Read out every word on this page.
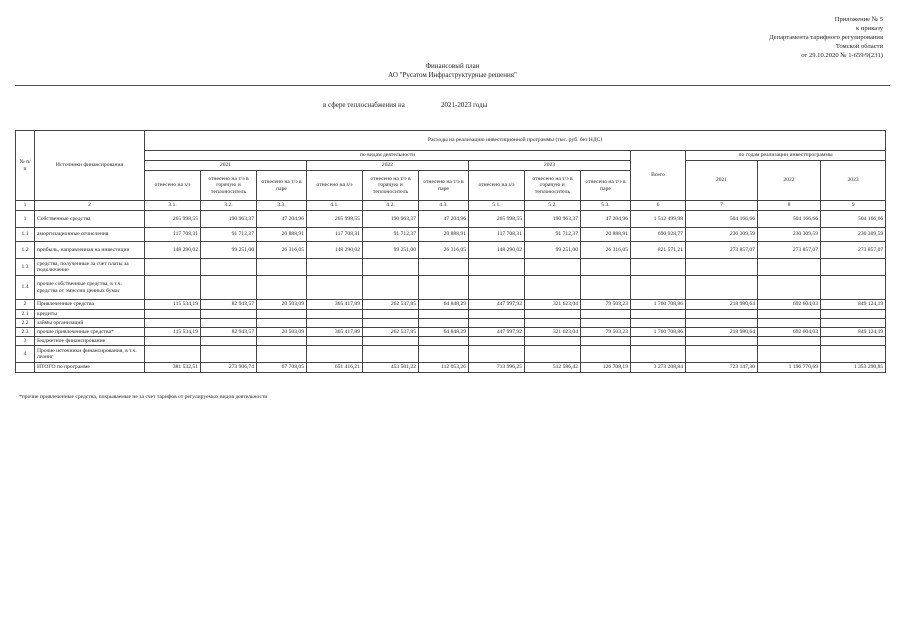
Приложение № 5
к приказу
Департамента тарифного регулирования
Томской области
от 29.10.2020 № 1-659/9(231)
Финансовый план
АО "Русатом Инфраструктурные решения"
в сфере теплоснабжения на	2021-2023 годы
№ п/п	Источники финансирования	Расходы на реализацию инвестиционной программы (тыс. руб. без НДС)												
		по видам деятельности									Всего	по годам реализации инвестпрограммы		
		2021			2022			2023				2021	2022	2023
		отнесено на з/э	отнесено на т/э в горячую и теплоноситель	отнесено на т/э в паре	отнесено на з/э	отнесено на т/э в горячую и теплоноситель	отнесено на т/э в паре	отнесено на з/э	отнесено на т/э в горячую и теплоноситель	отнесено на т/э в паре				
1	2	3.1.	3.2.	3.3.	4.1.	4.2.	4.3.	5.1.	5.2.	5.3.	6	7	8	9
1	Собственные средства	265 998,55	190 963,37	47 204,96	265 998,55	190 963,37	47 204,96	265 998,55	190 963,37	47 204,96	1 512 499,98	504 166,66	504 166,66	504 166,66
1.1	амортизационные отчисления	117 708,31	91 712,37	20 888,91	117 708,31	91 712,37	20 888,91	117 708,31	91 712,37	20 888,91	690 928,77	230 309,59	230 309,59	230 309,59
1.2	прибыль, направленная на инвестиции	148 290,02	99 251,00	26 316,05	148 290,02	99 251,00	26 316,05	148 290,02	99 251,00	26 316,05	821 571,21	273 857,07	273 857,07	273 857,07
1.3	средства, полученные за счет платы за подключение													
1.4	прочие собственные средства, в т.ч. средства от эмиссии ценных бумаг													
2	Привлеченные средства	115 534,19	82 943,57	20 503,09	365 417,89	262 537,85	64 848,29	447 997,92	321 623,04	79 503,23	1 760 708,86	218 980,64	692 604,03	849 124,19
2.1	кредиты													
2.2	займы организаций													
2.3	прочие привлеченные средства*	115 534,19	82 943,57	20 503,09	365 417,89	262 537,85	64 848,29	447 997,92	321 623,04	79 503,23	1 760 708,86	218 980,64	692 604,03	849 124,19
3	Бюджетное финансирование													
4	Прочие источники финансирования, в т.ч. лизинг													
	ИТОГО по программе	381 532,51	273 906,74	67 708,05	651 416,21	453 501,22	112 053,26	713 996,25	512 586,42	126 708,19	3 273 208,84	723 147,30	1 196 770,69	1 353 290,85
*прочие привлеченные средства, покрываемые не за счет тарифов от регулируемых видов деятельности
